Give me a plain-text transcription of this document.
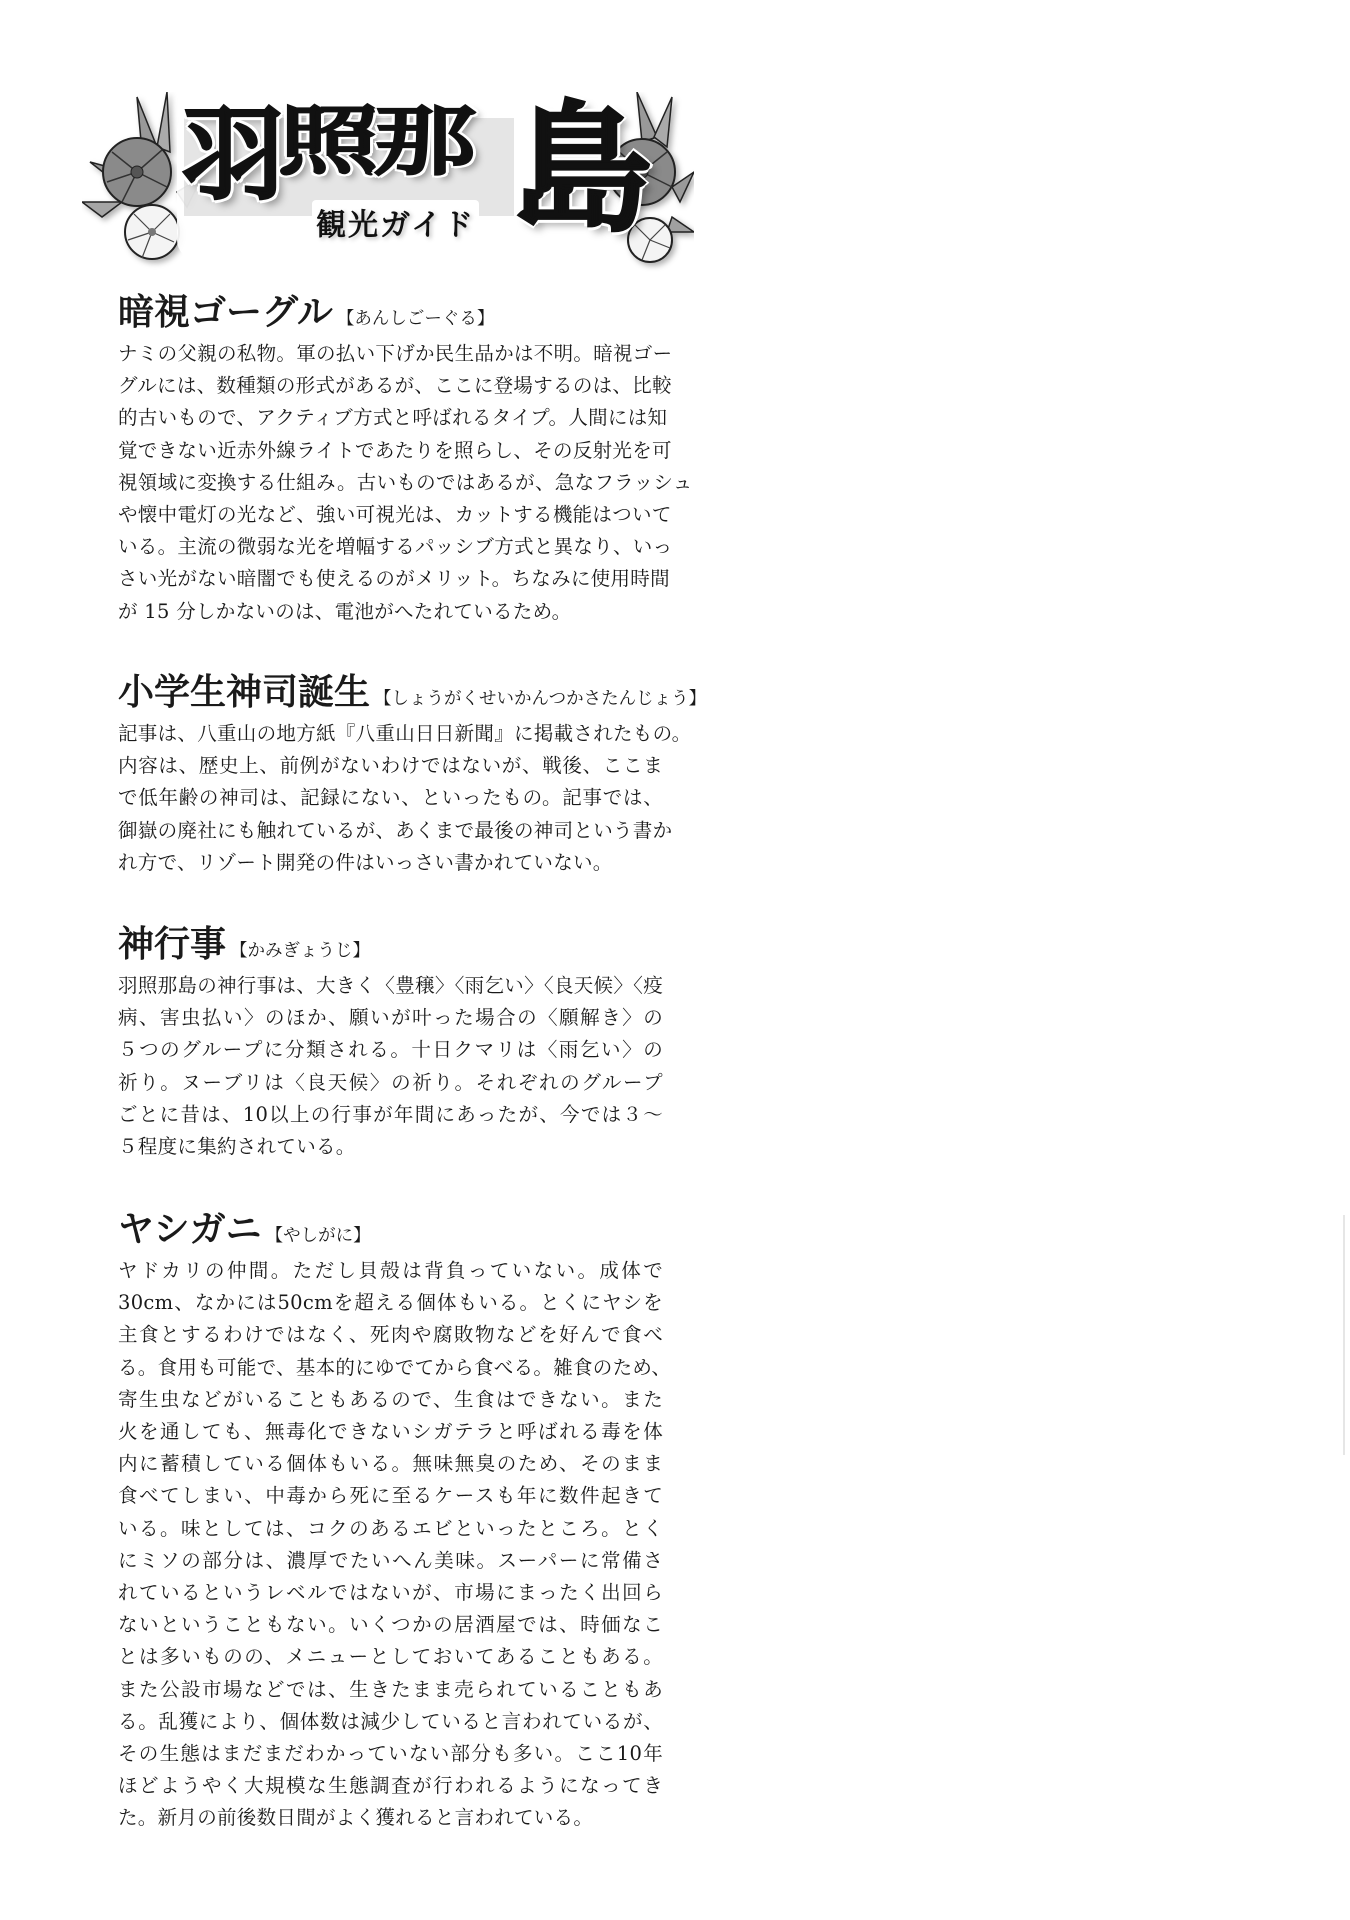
羽照那 島
観光ガイド
暗視ゴーグル 【あんしごーぐる】

ナミの父親の私物。軍の払い下げか民生品かは不明。暗視ゴー
グルには、数種類の形式があるが、ここに登場するのは、比較
的古いもので、アクティブ方式と呼ばれるタイプ。人間には知
覚できない近赤外線ライトであたりを照らし、その反射光を可
視領域に変換する仕組み。古いものではあるが、急なフラッシュ
や懐中電灯の光など、強い可視光は、カットする機能はついて
いる。主流の微弱な光を増幅するパッシブ方式と異なり、いっ
さい光がない暗闇でも使えるのがメリット。ちなみに使用時間
が 15 分しかないのは、電池がへたれているため。

小学生神司誕生 【しょうがくせいかんつかさたんじょう】

記事は、八重山の地方紙『八重山日日新聞』に掲載されたもの。
内容は、歴史上、前例がないわけではないが、戦後、ここま
で低年齢の神司は、記録にない、といったもの。記事では、
御嶽の廃社にも触れているが、あくまで最後の神司という書か
れ方で、リゾート開発の件はいっさい書かれていない。

神行事 【かみぎょうじ】

羽照那島の神行事は、大きく〈豊穣〉〈雨乞い〉〈良天候〉〈疫
病、害虫払い〉のほか、願いが叶った場合の〈願解き〉の
５つのグループに分類される。十日クマリは〈雨乞い〉の
祈り。ヌーブリは〈良天候〉の祈り。それぞれのグループ
ごとに昔は、10以上の行事が年間にあったが、今では３～
５程度に集約されている。

ヤシガニ 【やしがに】

ヤドカリの仲間。ただし貝殻は背負っていない。成体で
30cm、なかには50cmを超える個体もいる。とくにヤシを
主食とするわけではなく、死肉や腐敗物などを好んで食べ
る。食用も可能で、基本的にゆでてから食べる。雑食のため、
寄生虫などがいることもあるので、生食はできない。また
火を通しても、無毒化できないシガテラと呼ばれる毒を体
内に蓄積している個体もいる。無味無臭のため、そのまま
食べてしまい、中毒から死に至るケースも年に数件起きて
いる。味としては、コクのあるエビといったところ。とく
にミソの部分は、濃厚でたいへん美味。スーパーに常備さ
れているというレベルではないが、市場にまったく出回ら
ないということもない。いくつかの居酒屋では、時価なこ
とは多いものの、メニューとしておいてあることもある。
また公設市場などでは、生きたまま売られていることもあ
る。乱獲により、個体数は減少していると言われているが、
その生態はまだまだわかっていない部分も多い。ここ10年
ほどようやく大規模な生態調査が行われるようになってき
た。新月の前後数日間がよく獲れると言われている。
